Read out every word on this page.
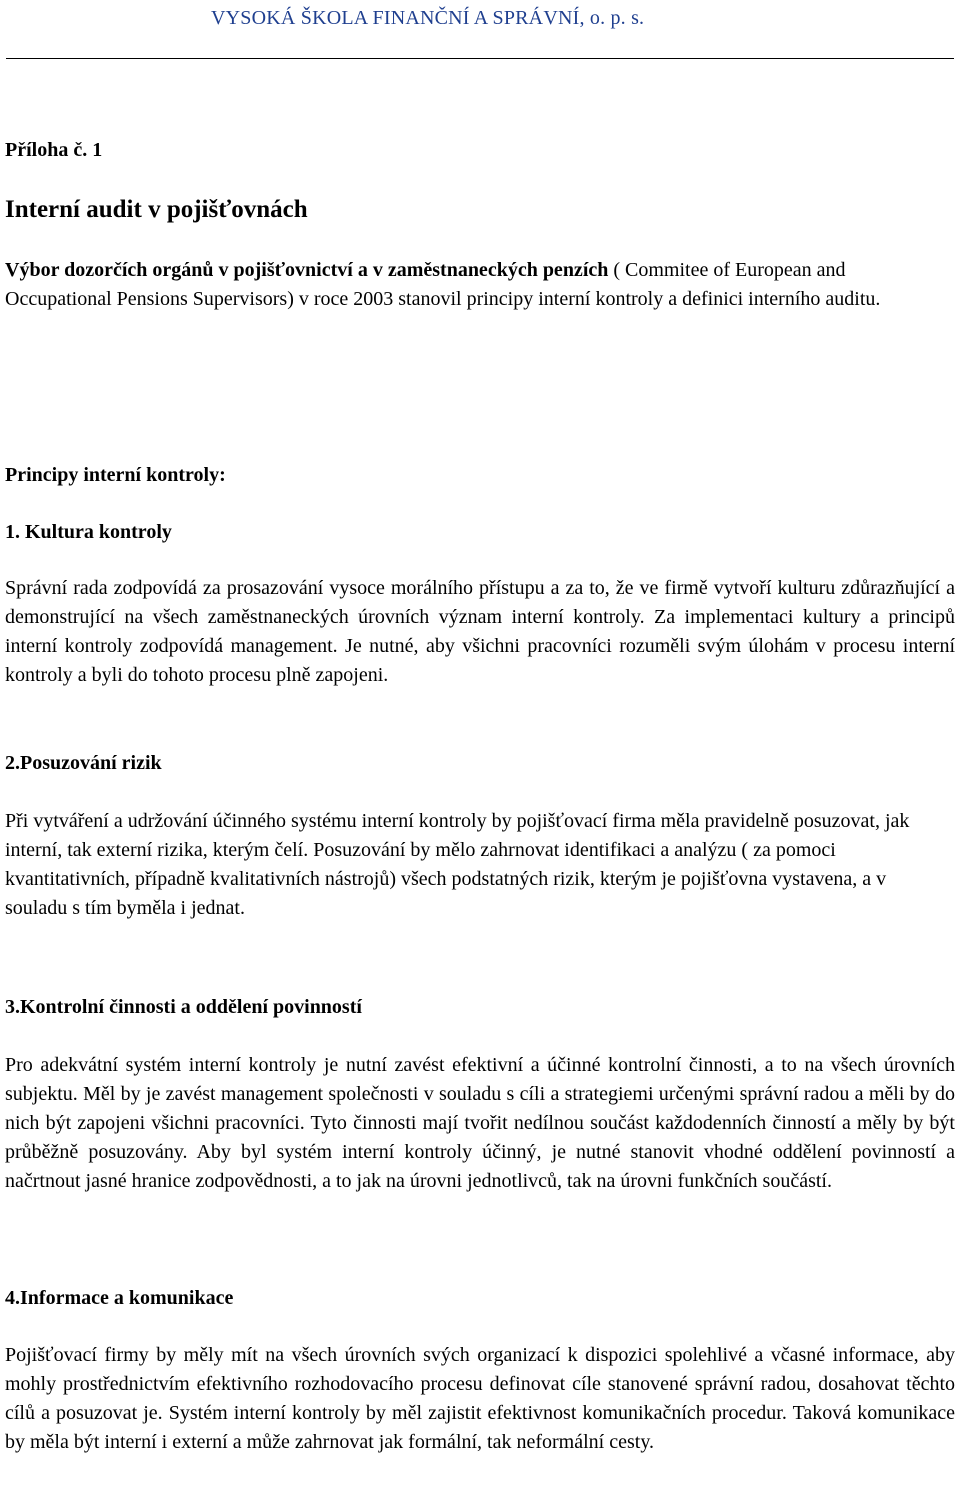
VYSOKÁ ŠKOLA FINANČNÍ A SPRÁVNÍ, o. p. s.
Příloha č. 1
Interní audit v pojišťovnách

Výbor dozorčích orgánů v pojišťovnictví a v zaměstnaneckých penzích ( Commitee of European and Occupational Pensions Supervisors) v roce 2003 stanovil principy interní kontroly a definici interního auditu.

Principy interní kontroly:
1. Kultura kontroly

Správní rada zodpovídá za prosazování vysoce morálního přístupu a za to, že ve firmě vytvoří kulturu zdůrazňující a demonstrující na všech zaměstnaneckých úrovních význam interní kontroly. Za implementaci kultury a principů interní kontroly zodpovídá management. Je nutné, aby všichni pracovníci rozuměli svým úlohám v procesu interní kontroly a byli do tohoto procesu plně zapojeni.

2.Posuzování rizik

Při vytváření a udržování účinného systému interní kontroly by pojišťovací firma měla pravidelně posuzovat, jak interní, tak externí rizika, kterým čelí. Posuzování by mělo zahrnovat identifikaci a analýzu ( za pomoci kvantitativních, případně kvalitativních nástrojů) všech podstatných rizik, kterým je pojišťovna vystavena, a v souladu s tím byměla i jednat.

3.Kontrolní činnosti a oddělení povinností

Pro adekvátní systém interní kontroly je nutní zavést efektivní a účinné kontrolní činnosti, a to na všech úrovních subjektu. Měl by je zavést management společnosti v souladu s cíli a strategiemi určenými správní radou a měli by do nich být zapojeni všichni pracovníci. Tyto činnosti mají tvořit nedílnou součást každodenních činností a měly by být průběžně posuzovány. Aby byl systém interní kontroly účinný, je nutné stanovit vhodné oddělení povinností a načrtnout jasné hranice zodpovědnosti, a to jak na úrovni jednotlivců, tak na úrovni funkčních součástí.

4.Informace a komunikace

Pojišťovací firmy by měly mít na všech úrovních svých organizací k dispozici spolehlivé a včasné informace, aby mohly prostřednictvím efektivního rozhodovacího procesu definovat cíle stanovené správní radou, dosahovat těchto cílů a posuzovat je. Systém interní kontroly by měl zajistit efektivnost komunikačních procedur. Taková komunikace by měla být interní i externí a může zahrnovat jak formální, tak neformální cesty.
